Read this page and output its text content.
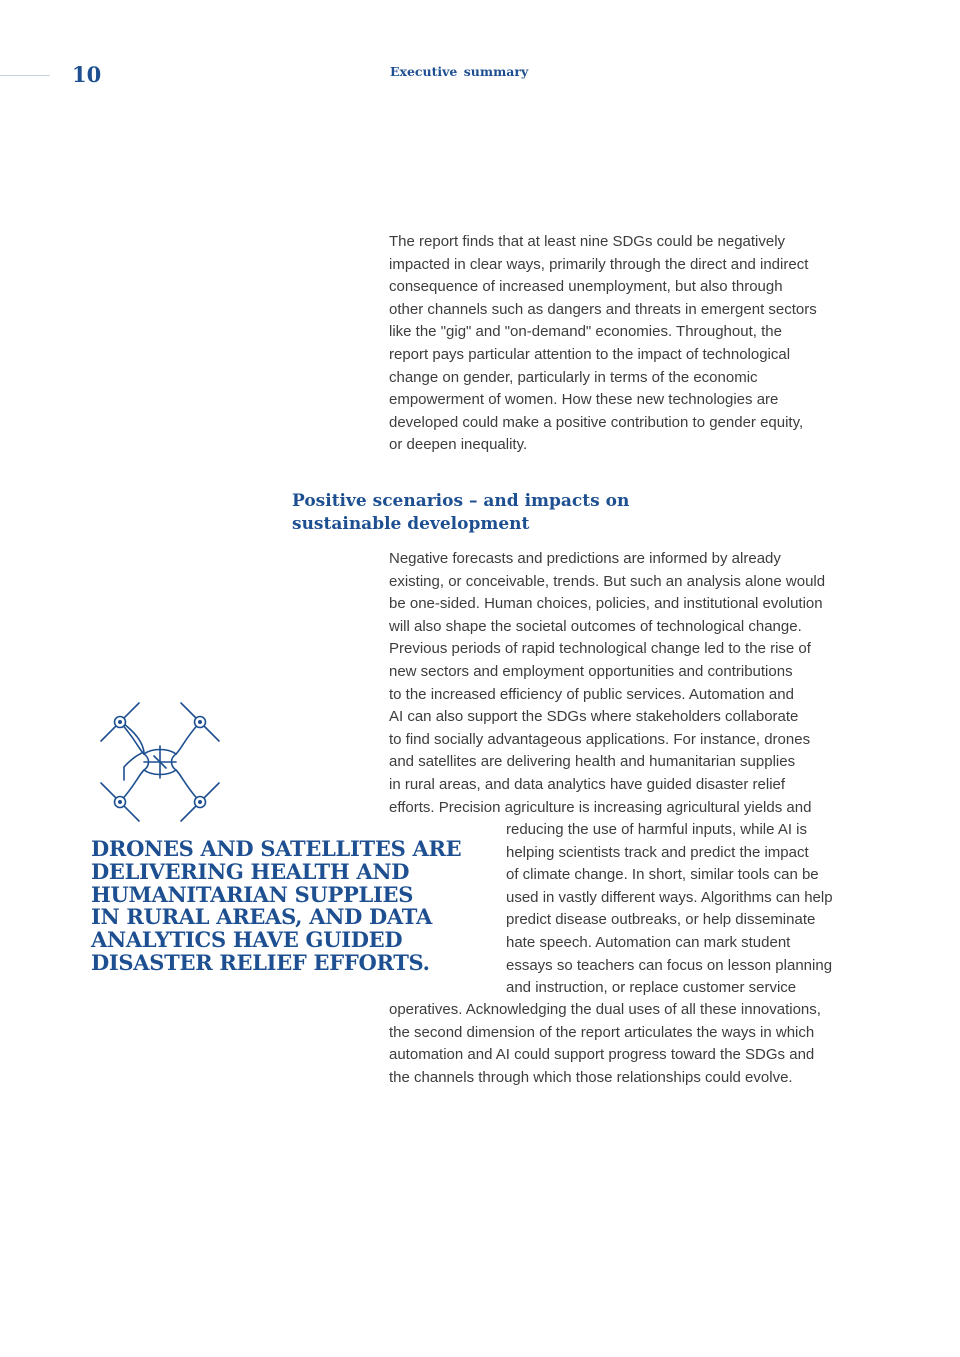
10	Executive summary

The report finds that at least nine SDGs could be negatively

impacted in clear ways, primarily through the direct and indirect

consequence of increased unemployment, but also through

other channels such as dangers and threats in emergent sectors

like the "gig" and "on-demand" economies. Throughout, the

report pays particular attention to the impact of technological

change on gender, particularly in terms of the economic

empowerment of women. How these new technologies are

developed could make a positive contribution to gender equity,

or deepen inequality.

Positive scenarios – and impacts on
sustainable development

Negative forecasts and predictions are informed by already

existing, or conceivable, trends. But such an analysis alone would

be one-sided. Human choices, policies, and institutional evolution

will also shape the societal outcomes of technological change.

Previous periods of rapid technological change led to the rise of

new sectors and employment opportunities and contributions

to the increased efficiency of public services. Automation and

AI can also support the SDGs where stakeholders collaborate

to find socially advantageous applications. For instance, drones

and satellites are delivering health and humanitarian supplies

in rural areas, and data analytics have guided disaster relief

efforts. Precision agriculture is increasing agricultural yields and

reducing the use of harmful inputs, while AI is

helping scientists track and predict the impact

of climate change. In short, similar tools can be

used in vastly different ways. Algorithms can help

predict disease outbreaks, or help disseminate

hate speech. Automation can mark student

essays so teachers can focus on lesson planning

and instruction, or replace customer service

operatives. Acknowledging the dual uses of all these innovations,

the second dimension of the report articulates the ways in which

automation and AI could support progress toward the SDGs and

the channels through which those relationships could evolve.

DRONES AND SATELLITES ARE
DELIVERING HEALTH AND
HUMANITARIAN SUPPLIES
IN RURAL AREAS, AND DATA
ANALYTICS HAVE GUIDED
DISASTER RELIEF EFFORTS.
